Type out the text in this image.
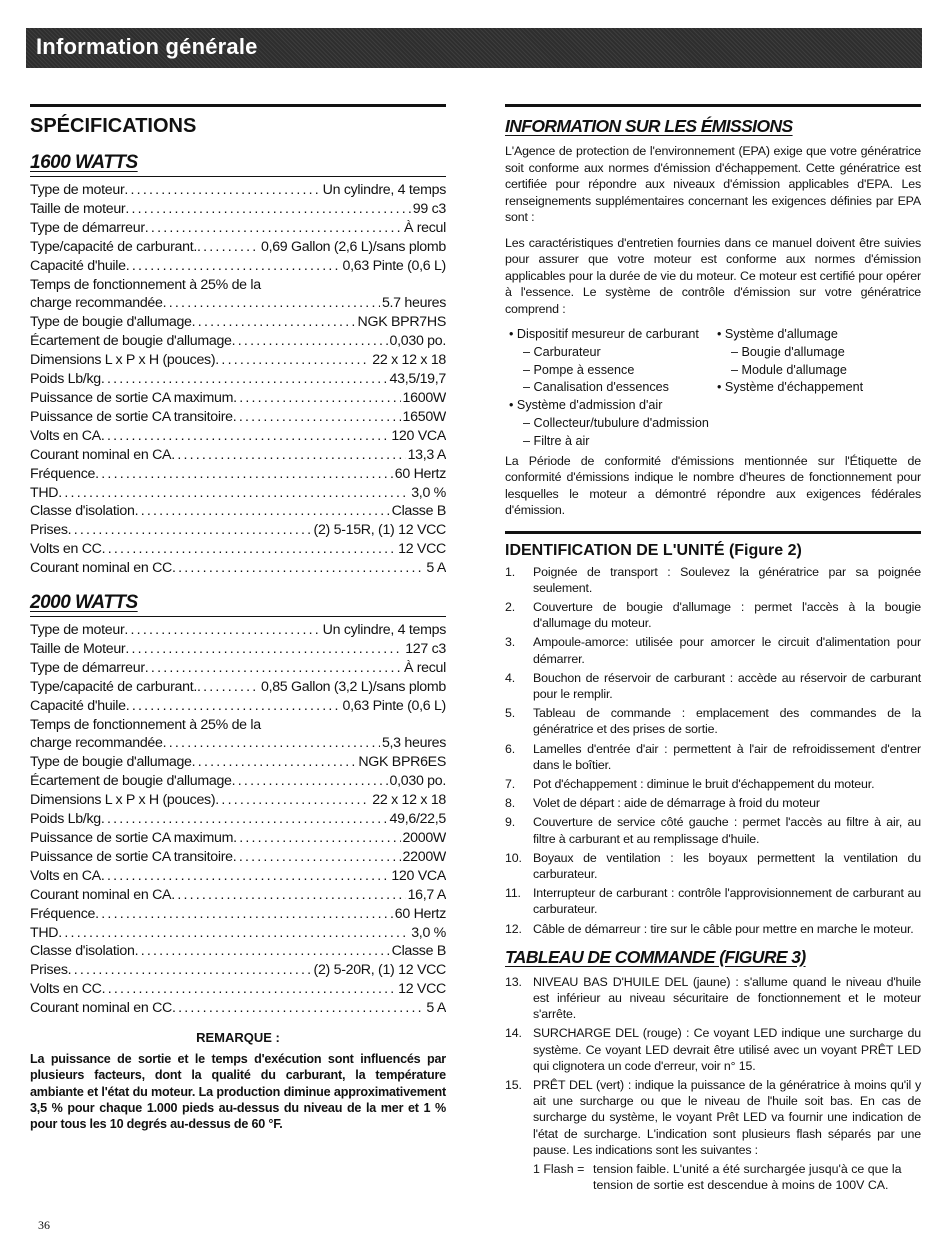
Information générale
SPÉCIFICATIONS
1600 WATTS
Type de moteur .....	Un cylindre, 4 temps
Taille de moteur .....	99 c3
Type de démarreur .....	À recul
Type/capacité de carburant. .....	0,69 Gallon (2,6 L)/sans plomb
Capacité d'huile .....	0,63 Pinte (0,6 L)
Temps de fonctionnement à 25% de la
charge recommandée .....	5.7 heures
Type de bougie d'allumage .....	NGK BPR7HS
Écartement de bougie d'allumage .....	0,030 po.
Dimensions L x P x H (pouces) .....	22 x 12 x 18
Poids Lb/kg .....	43,5/19,7
Puissance de sortie CA maximum .....	1600W
Puissance de sortie CA transitoire .....	1650W
Volts en CA .....	120 VCA
Courant nominal en CA .....	13,3 A
Fréquence .....	60 Hertz
THD .....	3,0 %
Classe d'isolation .....	Classe B
Prises .....	(2) 5-15R, (1) 12 VCC
Volts en CC .....	12 VCC
Courant nominal en CC .....	5 A
2000 WATTS
Type de moteur .....	Un cylindre, 4 temps
Taille de Moteur .....	127 c3
Type de démarreur .....	À recul
Type/capacité de carburant. .....	0,85 Gallon (3,2 L)/sans plomb
Capacité d'huile .....	0,63 Pinte (0,6 L)
Temps de fonctionnement à 25% de la
charge recommandée .....	5,3 heures
Type de bougie d'allumage .....	NGK BPR6ES
Écartement de bougie d'allumage .....	0,030 po.
Dimensions L x P x H (pouces) .....	22 x 12 x 18
Poids Lb/kg .....	49,6/22,5
Puissance de sortie CA maximum .....	2000W
Puissance de sortie CA transitoire .....	2200W
Volts en CA .....	120 VCA
Courant nominal en CA .....	16,7 A
Fréquence .....	60 Hertz
THD .....	3,0 %
Classe d'isolation .....	Classe B
Prises .....	(2) 5-20R, (1) 12 VCC
Volts en CC .....	12 VCC
Courant nominal en CC .....	5 A
REMARQUE :
La puissance de sortie et le temps d'exécution sont influencés par plusieurs facteurs, dont la qualité du carburant, la température ambiante et l'état du moteur. La production diminue approximativement 3,5 % pour chaque 1.000 pieds au-dessus du niveau de la mer et 1 % pour tous les 10 degrés au-dessus de 60 °F.
INFORMATION SUR LES ÉMISSIONS
L'Agence de protection de l'environnement (EPA) exige que votre génératrice soit conforme aux normes d'émission d'échappement. Cette génératrice est certifiée pour répondre aux niveaux d'émission applicables d'EPA. Les renseignements supplémentaires concernant les exigences définies par EPA sont :
Les caractéristiques d'entretien fournies dans ce manuel doivent être suivies pour assurer que votre moteur est conforme aux normes d'émission applicables pour la durée de vie du moteur. Ce moteur est certifié pour opérer à l'essence. Le système de contrôle d'émission sur votre génératrice comprend :
• Dispositif mesureur de carburant
– Carburateur
– Pompe à essence
– Canalisation d'essences
• Système d'admission d'air
– Collecteur/tubulure d'admission
– Filtre à air
• Système d'allumage
– Bougie d'allumage
– Module d'allumage
• Système d'échappement
La Période de conformité d'émissions mentionnée sur l'Étiquette de conformité d'émissions indique le nombre d'heures de fonctionnement pour lesquelles le moteur a démontré répondre aux exigences fédérales d'émission.
IDENTIFICATION DE L'UNITÉ (Figure 2)
1.	Poignée de transport : Soulevez la génératrice par sa poignée seulement.
2.	Couverture de bougie d'allumage : permet l'accès à la bougie d'allumage du moteur.
3.	Ampoule-amorce: utilisée pour amorcer le circuit d'alimentation pour démarrer.
4.	Bouchon de réservoir de carburant : accède au réservoir de carburant pour le remplir.
5.	Tableau de commande : emplacement des commandes de la génératrice et des prises de sortie.
6.	Lamelles d'entrée d'air : permettent à l'air de refroidissement d'entrer dans le boîtier.
7.	Pot d'échappement : diminue le bruit d'échappement du moteur.
8.	Volet de départ : aide de démarrage à froid du moteur
9.	Couverture de service côté gauche : permet l'accès au filtre à air, au filtre à carburant et au remplissage d'huile.
10. Boyaux de ventilation : les boyaux permettent la ventilation du carburateur.
11. Interrupteur de carburant : contrôle l'approvisionnement de carburant au carburateur.
12. Câble de démarreur : tire sur le câble pour mettre en marche le moteur.
TABLEAU DE COMMANDE (FIGURE 3)
13. NIVEAU BAS D'HUILE DEL (jaune) : s'allume quand le niveau d'huile est inférieur au niveau sécuritaire de fonctionnement et le moteur s'arrête.
14. SURCHARGE DEL (rouge) : Ce voyant LED indique une surcharge du système. Ce voyant LED devrait être utilisé avec un voyant PRÊT LED qui clignotera un code d'erreur, voir n° 15.
15. PRÊT DEL (vert) : indique la puissance de la génératrice à moins qu'il y ait une surcharge ou que le niveau de l'huile soit bas. En cas de surcharge du système, le voyant Prêt LED va fournir une indication de l'état de surcharge. L'indication sont plusieurs flash séparés par une pause. Les indications sont les suivantes :
1 Flash = tension faible. L'unité a été surchargée jusqu'à ce que la tension de sortie est descendue à moins de 100V CA.
36
